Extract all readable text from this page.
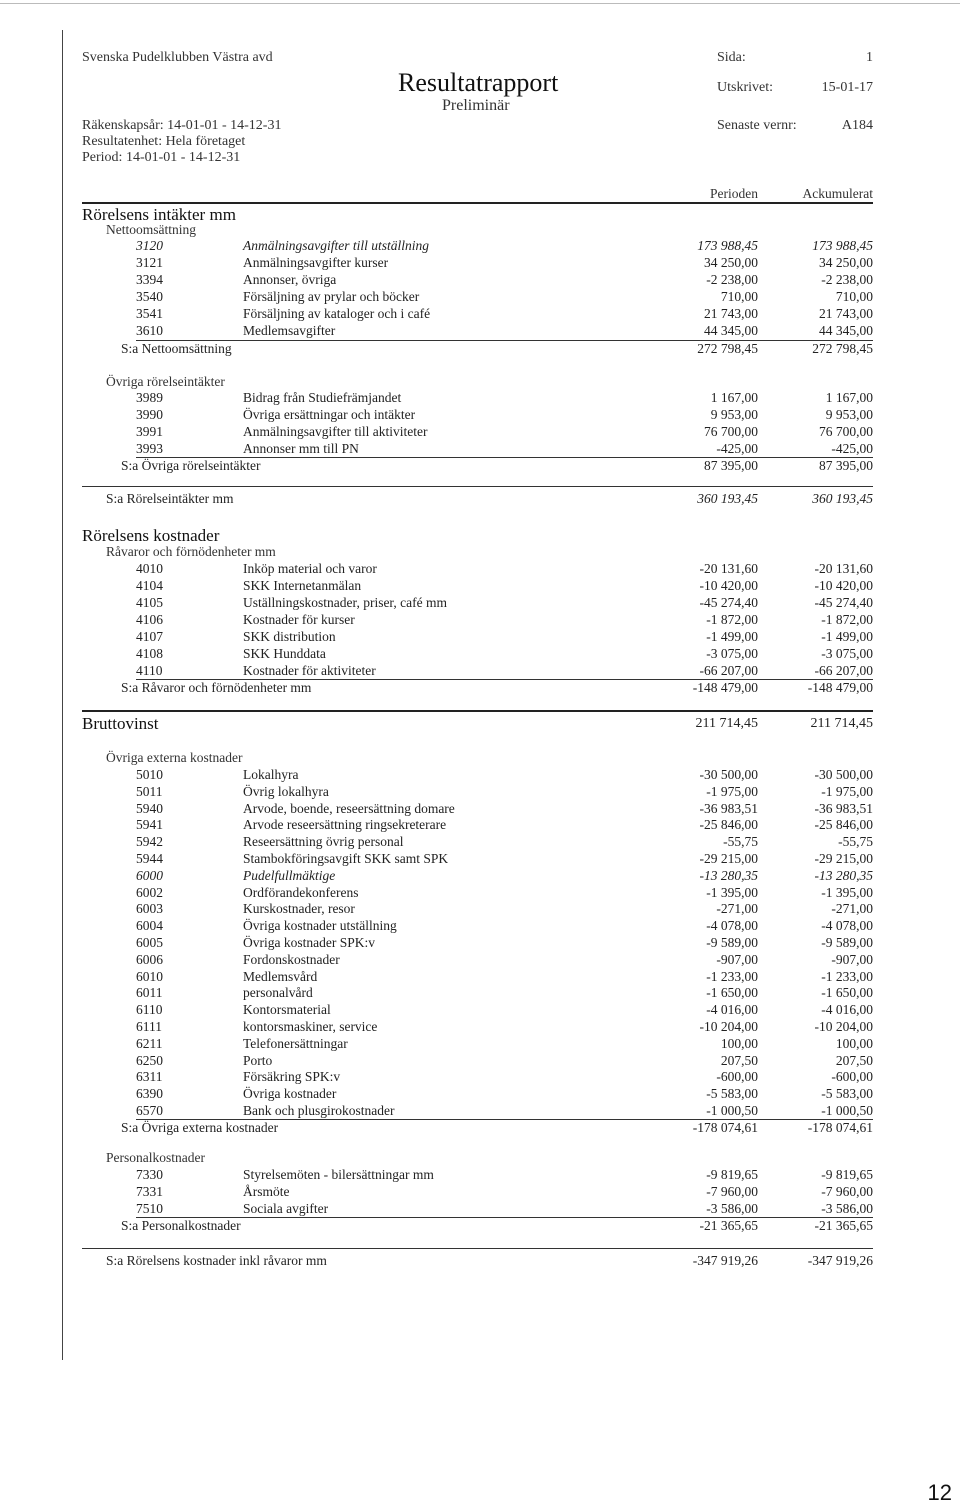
Svenska Pudelklubben Västra avd
Resultatrapport
Preliminär
Räkenskapsår: 14-01-01 - 14-12-31
Resultatenhet: Hela företaget
Period: 14-01-01 - 14-12-31
Sida:	1
Utskrivet:	15-01-17
Senaste vernr:	A184
Perioden	Ackumulerat
Rörelsens intäkter mm
Nettoomsättning
3120	Anmälningsavgifter till utställning	173 988,45	173 988,45
3121	Anmälningsavgifter kurser	34 250,00	34 250,00
3394	Annonser, övriga	-2 238,00	-2 238,00
3540	Försäljning av prylar och böcker	710,00	710,00
3541	Försäljning av kataloger och i café	21 743,00	21 743,00
3610	Medlemsavgifter	44 345,00	44 345,00
S:a Nettoomsättning	272 798,45	272 798,45
Övriga rörelseintäkter
3989	Bidrag från Studiefrämjandet	1 167,00	1 167,00
3990	Övriga ersättningar och intäkter	9 953,00	9 953,00
3991	Anmälningsavgifter till aktiviteter	76 700,00	76 700,00
3993	Annonser mm till PN	-425,00	-425,00
S:a Övriga rörelseintäkter	87 395,00	87 395,00
S:a Rörelseintäkter mm	360 193,45	360 193,45
Rörelsens kostnader
Råvaror och förnödenheter mm
4010	Inköp material och varor	-20 131,60	-20 131,60
4104	SKK Internetanmälan	-10 420,00	-10 420,00
4105	Uställningskostnader, priser, café mm	-45 274,40	-45 274,40
4106	Kostnader för kurser	-1 872,00	-1 872,00
4107	SKK distribution	-1 499,00	-1 499,00
4108	SKK Hunddata	-3 075,00	-3 075,00
4110	Kostnader för aktiviteter	-66 207,00	-66 207,00
S:a Råvaror och förnödenheter mm	-148 479,00	-148 479,00
Bruttovinst	211 714,45	211 714,45
Övriga externa kostnader
5010	Lokalhyra	-30 500,00	-30 500,00
5011	Övrig lokalhyra	-1 975,00	-1 975,00
5940	Arvode, boende, reseersättning domare	-36 983,51	-36 983,51
5941	Arvode reseersättning ringsekreterare	-25 846,00	-25 846,00
5942	Reseersättning övrig personal	-55,75	-55,75
5944	Stambokföringsavgift SKK samt SPK	-29 215,00	-29 215,00
6000	Pudelfullmäktige	-13 280,35	-13 280,35
6002	Ordförandekonferens	-1 395,00	-1 395,00
6003	Kurskostnader, resor	-271,00	-271,00
6004	Övriga kostnader utställning	-4 078,00	-4 078,00
6005	Övriga kostnader SPK:v	-9 589,00	-9 589,00
6006	Fordonskostnader	-907,00	-907,00
6010	Medlemsvård	-1 233,00	-1 233,00
6011	personalvård	-1 650,00	-1 650,00
6110	Kontorsmaterial	-4 016,00	-4 016,00
6111	kontorsmaskiner, service	-10 204,00	-10 204,00
6211	Telefonersättningar	100,00	100,00
6250	Porto	207,50	207,50
6311	Försäkring SPK:v	-600,00	-600,00
6390	Övriga kostnader	-5 583,00	-5 583,00
6570	Bank och plusgirokostnader	-1 000,50	-1 000,50
S:a Övriga externa kostnader	-178 074,61	-178 074,61
Personalkostnader
7330	Styrelsemöten - bilersättningar mm	-9 819,65	-9 819,65
7331	Årsmöte	-7 960,00	-7 960,00
7510	Sociala avgifter	-3 586,00	-3 586,00
S:a Personalkostnader	-21 365,65	-21 365,65
S:a Rörelsens kostnader inkl råvaror mm	-347 919,26	-347 919,26
12
